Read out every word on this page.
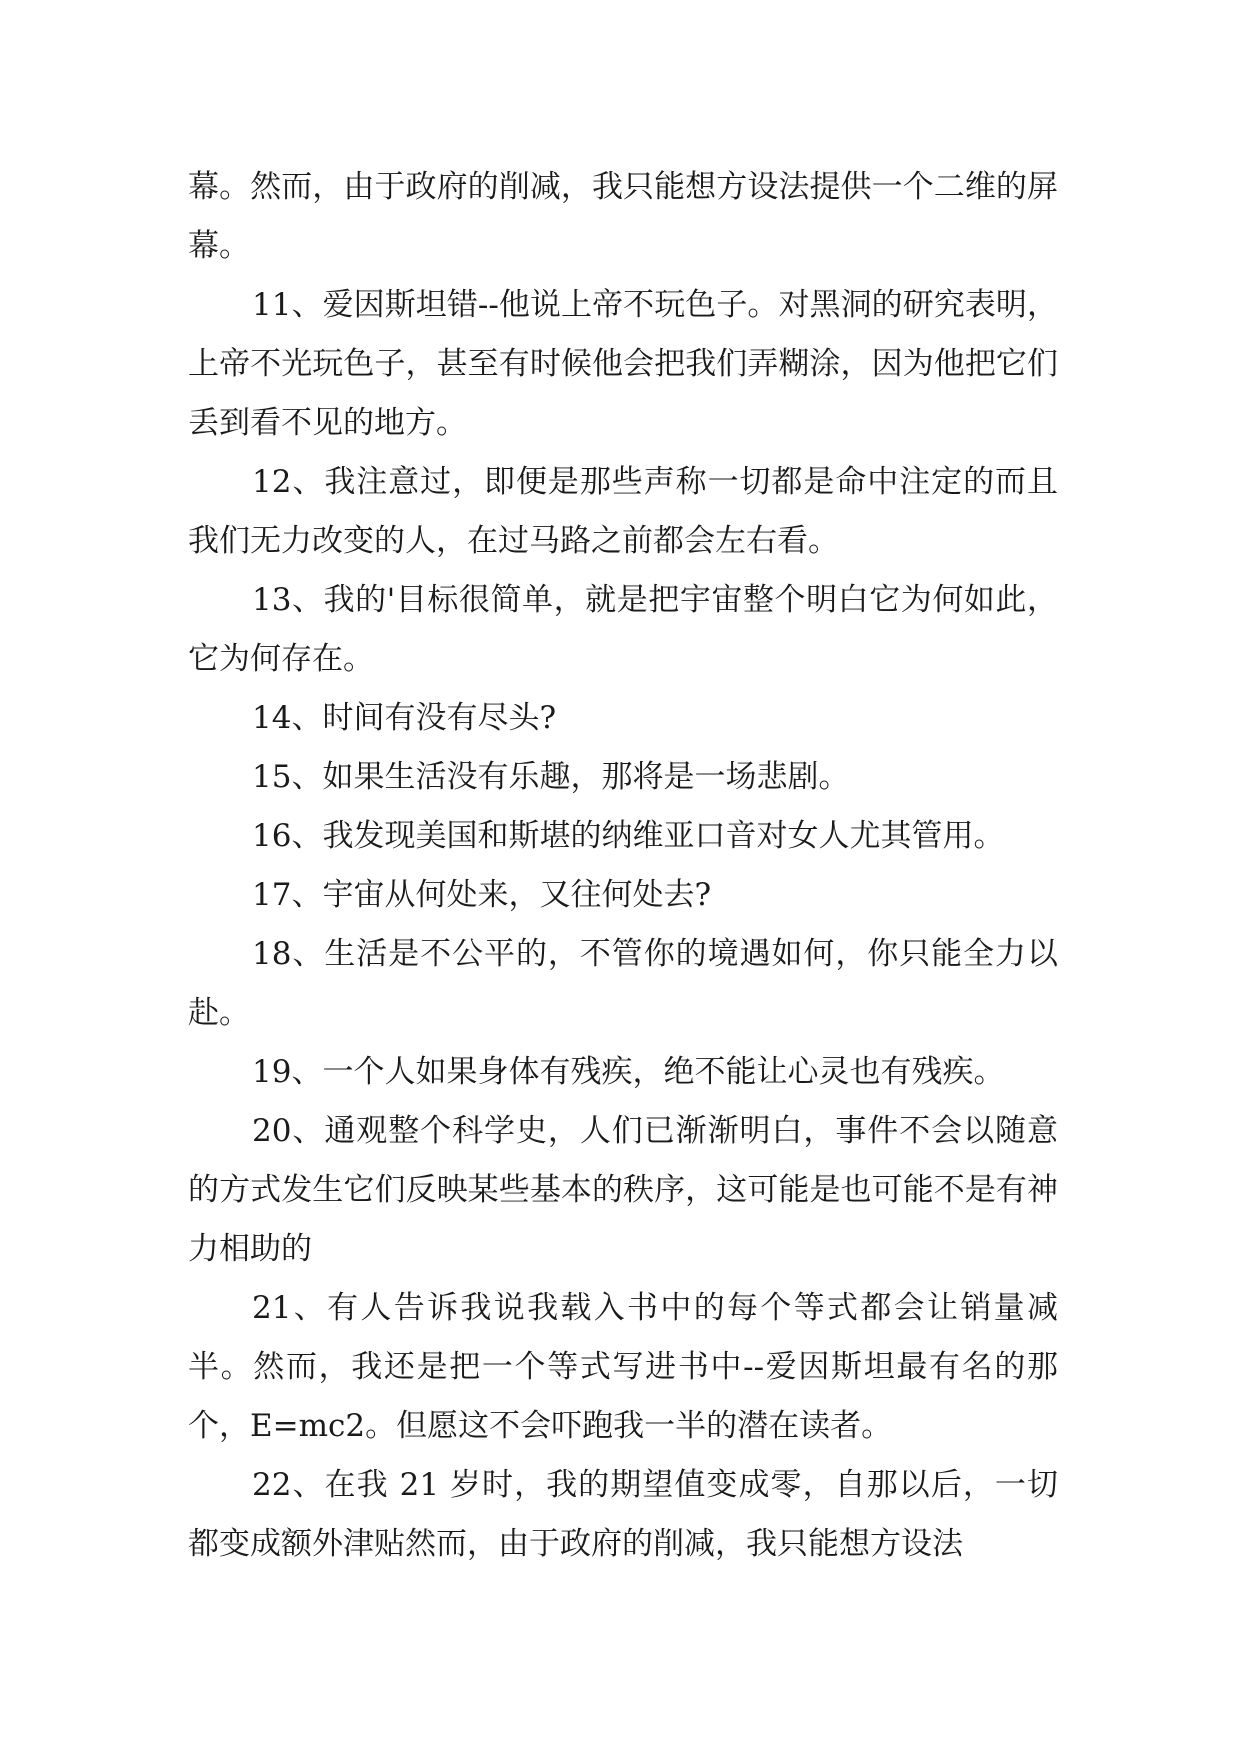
幕。然而，由于政府的削减，我只能想方设法提供一个二维的屏幕。

11、爱因斯坦错--他说上帝不玩色子。对黑洞的研究表明，上帝不光玩色子，甚至有时候他会把我们弄糊涂，因为他把它们丢到看不见的地方。

12、我注意过，即便是那些声称一切都是命中注定的而且我们无力改变的人，在过马路之前都会左右看。

13、我的'目标很简单，就是把宇宙整个明白它为何如此，它为何存在。

14、时间有没有尽头?

15、如果生活没有乐趣，那将是一场悲剧。

16、我发现美国和斯堪的纳维亚口音对女人尤其管用。

17、宇宙从何处来，又往何处去?

18、生活是不公平的，不管你的境遇如何，你只能全力以赴。

19、一个人如果身体有残疾，绝不能让心灵也有残疾。

20、通观整个科学史，人们已渐渐明白，事件不会以随意的方式发生它们反映某些基本的秩序，这可能是也可能不是有神力相助的

21、有人告诉我说我载入书中的每个等式都会让销量减半。然而，我还是把一个等式写进书中--爱因斯坦最有名的那个，E=mc2。但愿这不会吓跑我一半的潜在读者。

22、在我 21 岁时，我的期望值变成零，自那以后，一切都变成额外津贴然而，由于政府的削减，我只能想方设法
